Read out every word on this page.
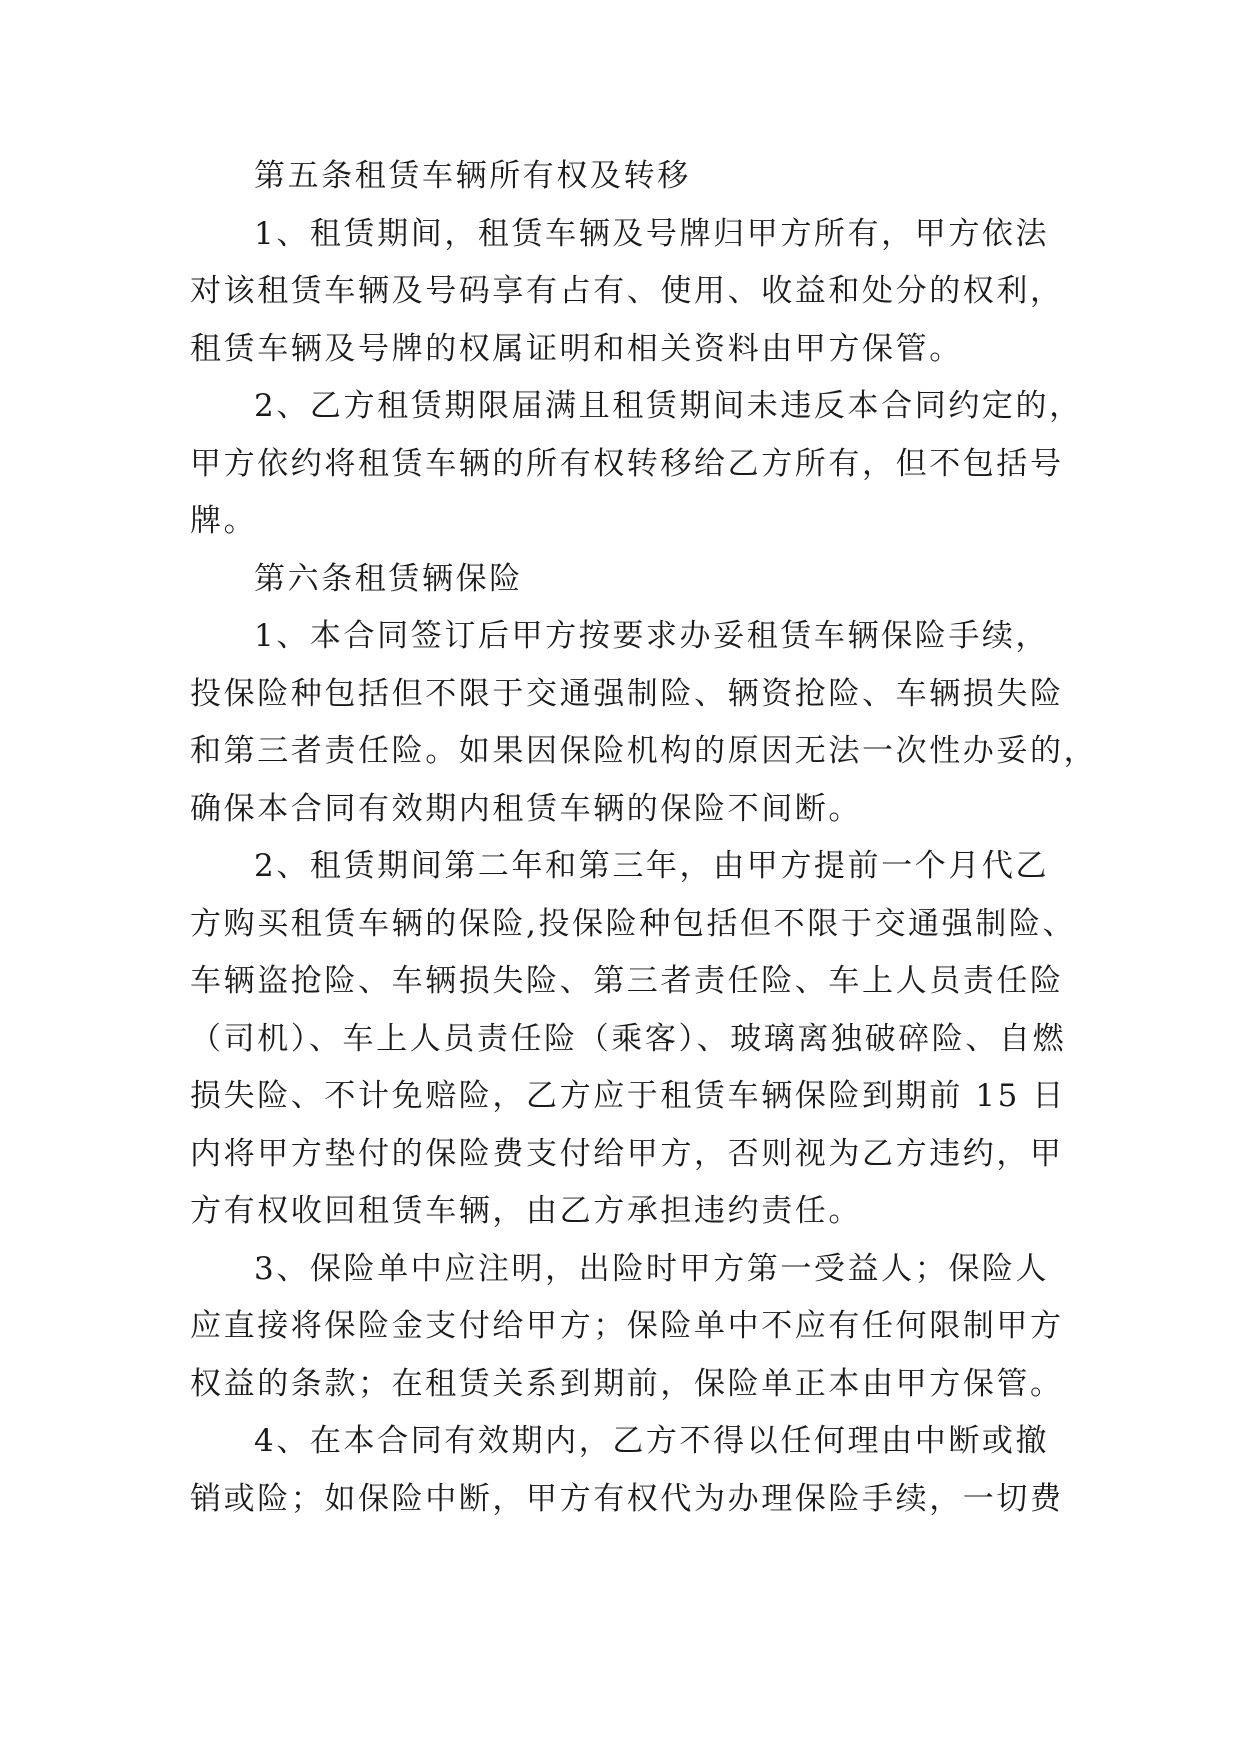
第五条租赁车辆所有权及转移
1、租赁期间，租赁车辆及号牌归甲方所有，甲方依法
对该租赁车辆及号码享有占有、使用、收益和处分的权利，
租赁车辆及号牌的权属证明和相关资料由甲方保管。
2、乙方租赁期限届满且租赁期间未违反本合同约定的，
甲方依约将租赁车辆的所有权转移给乙方所有，但不包括号
牌。
第六条租赁辆保险
1、本合同签订后甲方按要求办妥租赁车辆保险手续，
投保险种包括但不限于交通强制险、辆资抢险、车辆损失险
和第三者责任险。如果因保险机构的原因无法一次性办妥的，
确保本合同有效期内租赁车辆的保险不间断。
2、租赁期间第二年和第三年，由甲方提前一个月代乙
方购买租赁车辆的保险,投保险种包括但不限于交通强制险、
车辆盗抢险、车辆损失险、第三者责任险、车上人员责任险
（司机）、车上人员责任险（乘客）、玻璃离独破碎险、自燃
损失险、不计免赔险，乙方应于租赁车辆保险到期前 15 日
内将甲方垫付的保险费支付给甲方，否则视为乙方违约，甲
方有权收回租赁车辆，由乙方承担违约责任。
3、保险单中应注明，出险时甲方第一受益人；保险人
应直接将保险金支付给甲方；保险单中不应有任何限制甲方
权益的条款；在租赁关系到期前，保险单正本由甲方保管。
4、在本合同有效期内，乙方不得以任何理由中断或撤
销或险；如保险中断，甲方有权代为办理保险手续，一切费
